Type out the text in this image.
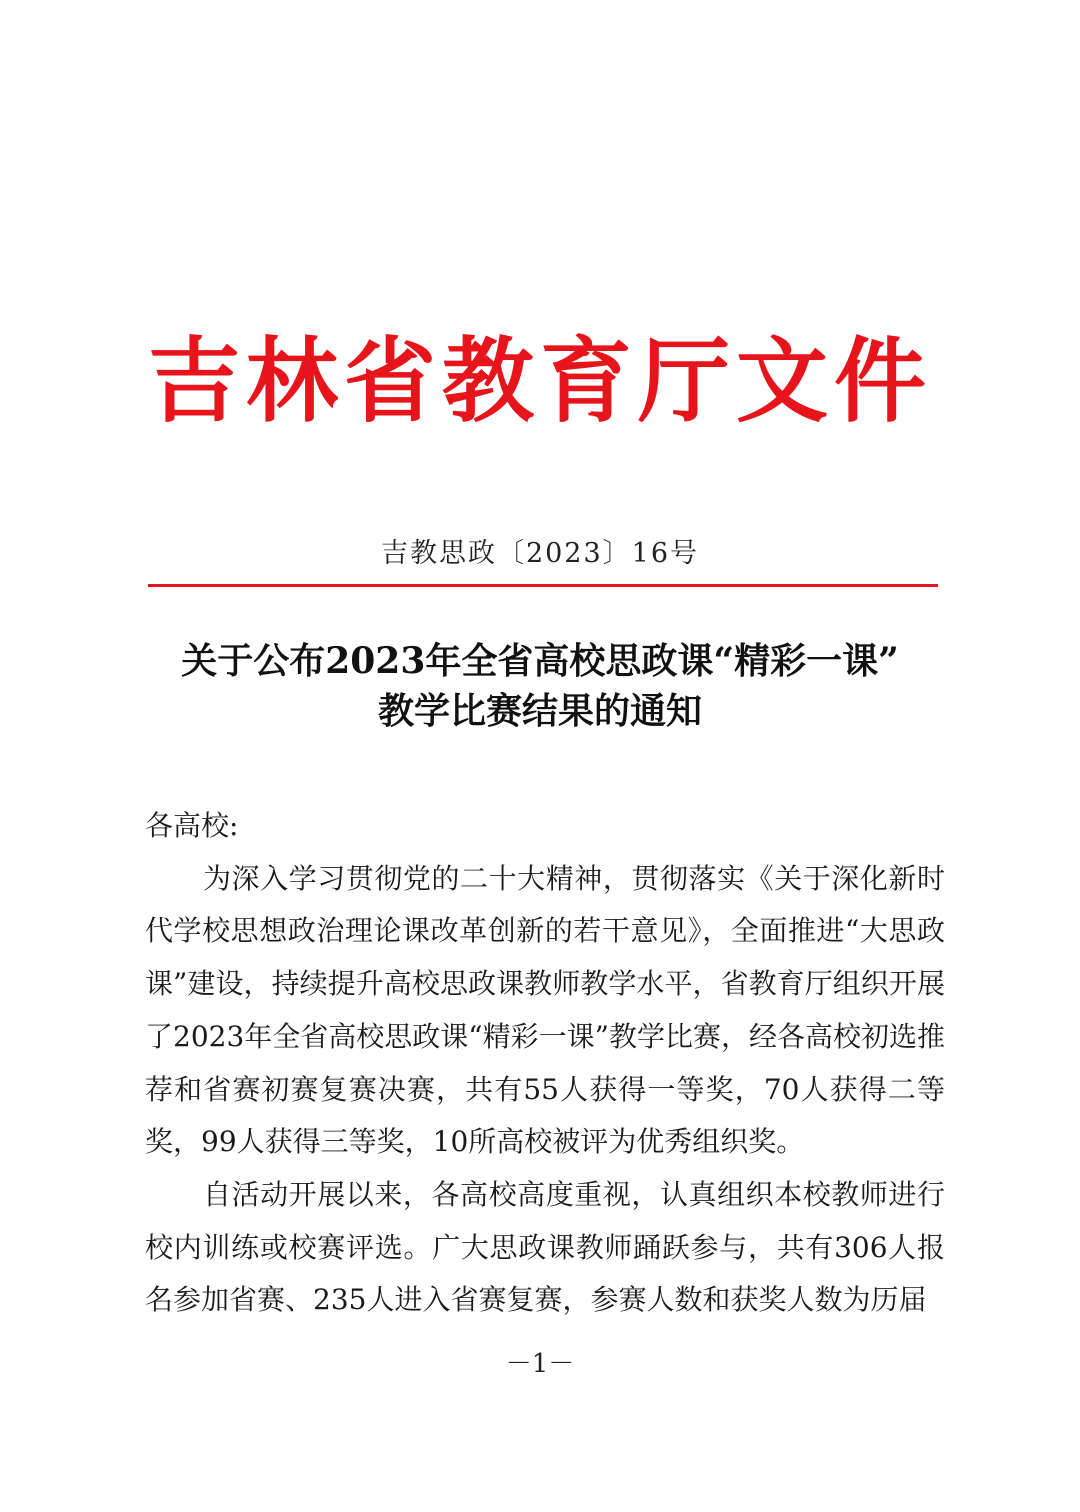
吉林省教育厅文件
吉教思政〔2023〕16号
关于公布2023年全省高校思政课“精彩一课”
教学比赛结果的通知

各高校:

为深入学习贯彻党的二十大精神，贯彻落实《关于深化新时代学校思想政治理论课改革创新的若干意见》，全面推进“大思政课”建设，持续提升高校思政课教师教学水平，省教育厅组织开展了2023年全省高校思政课“精彩一课”教学比赛，经各高校初选推荐和省赛初赛复赛决赛，共有55人获得一等奖，70人获得二等奖，99人获得三等奖，10所高校被评为优秀组织奖。

自活动开展以来，各高校高度重视，认真组织本校教师进行校内训练或校赛评选。广大思政课教师踊跃参与，共有306人报名参加省赛、235人进入省赛复赛，参赛人数和获奖人数为历届

－1－
